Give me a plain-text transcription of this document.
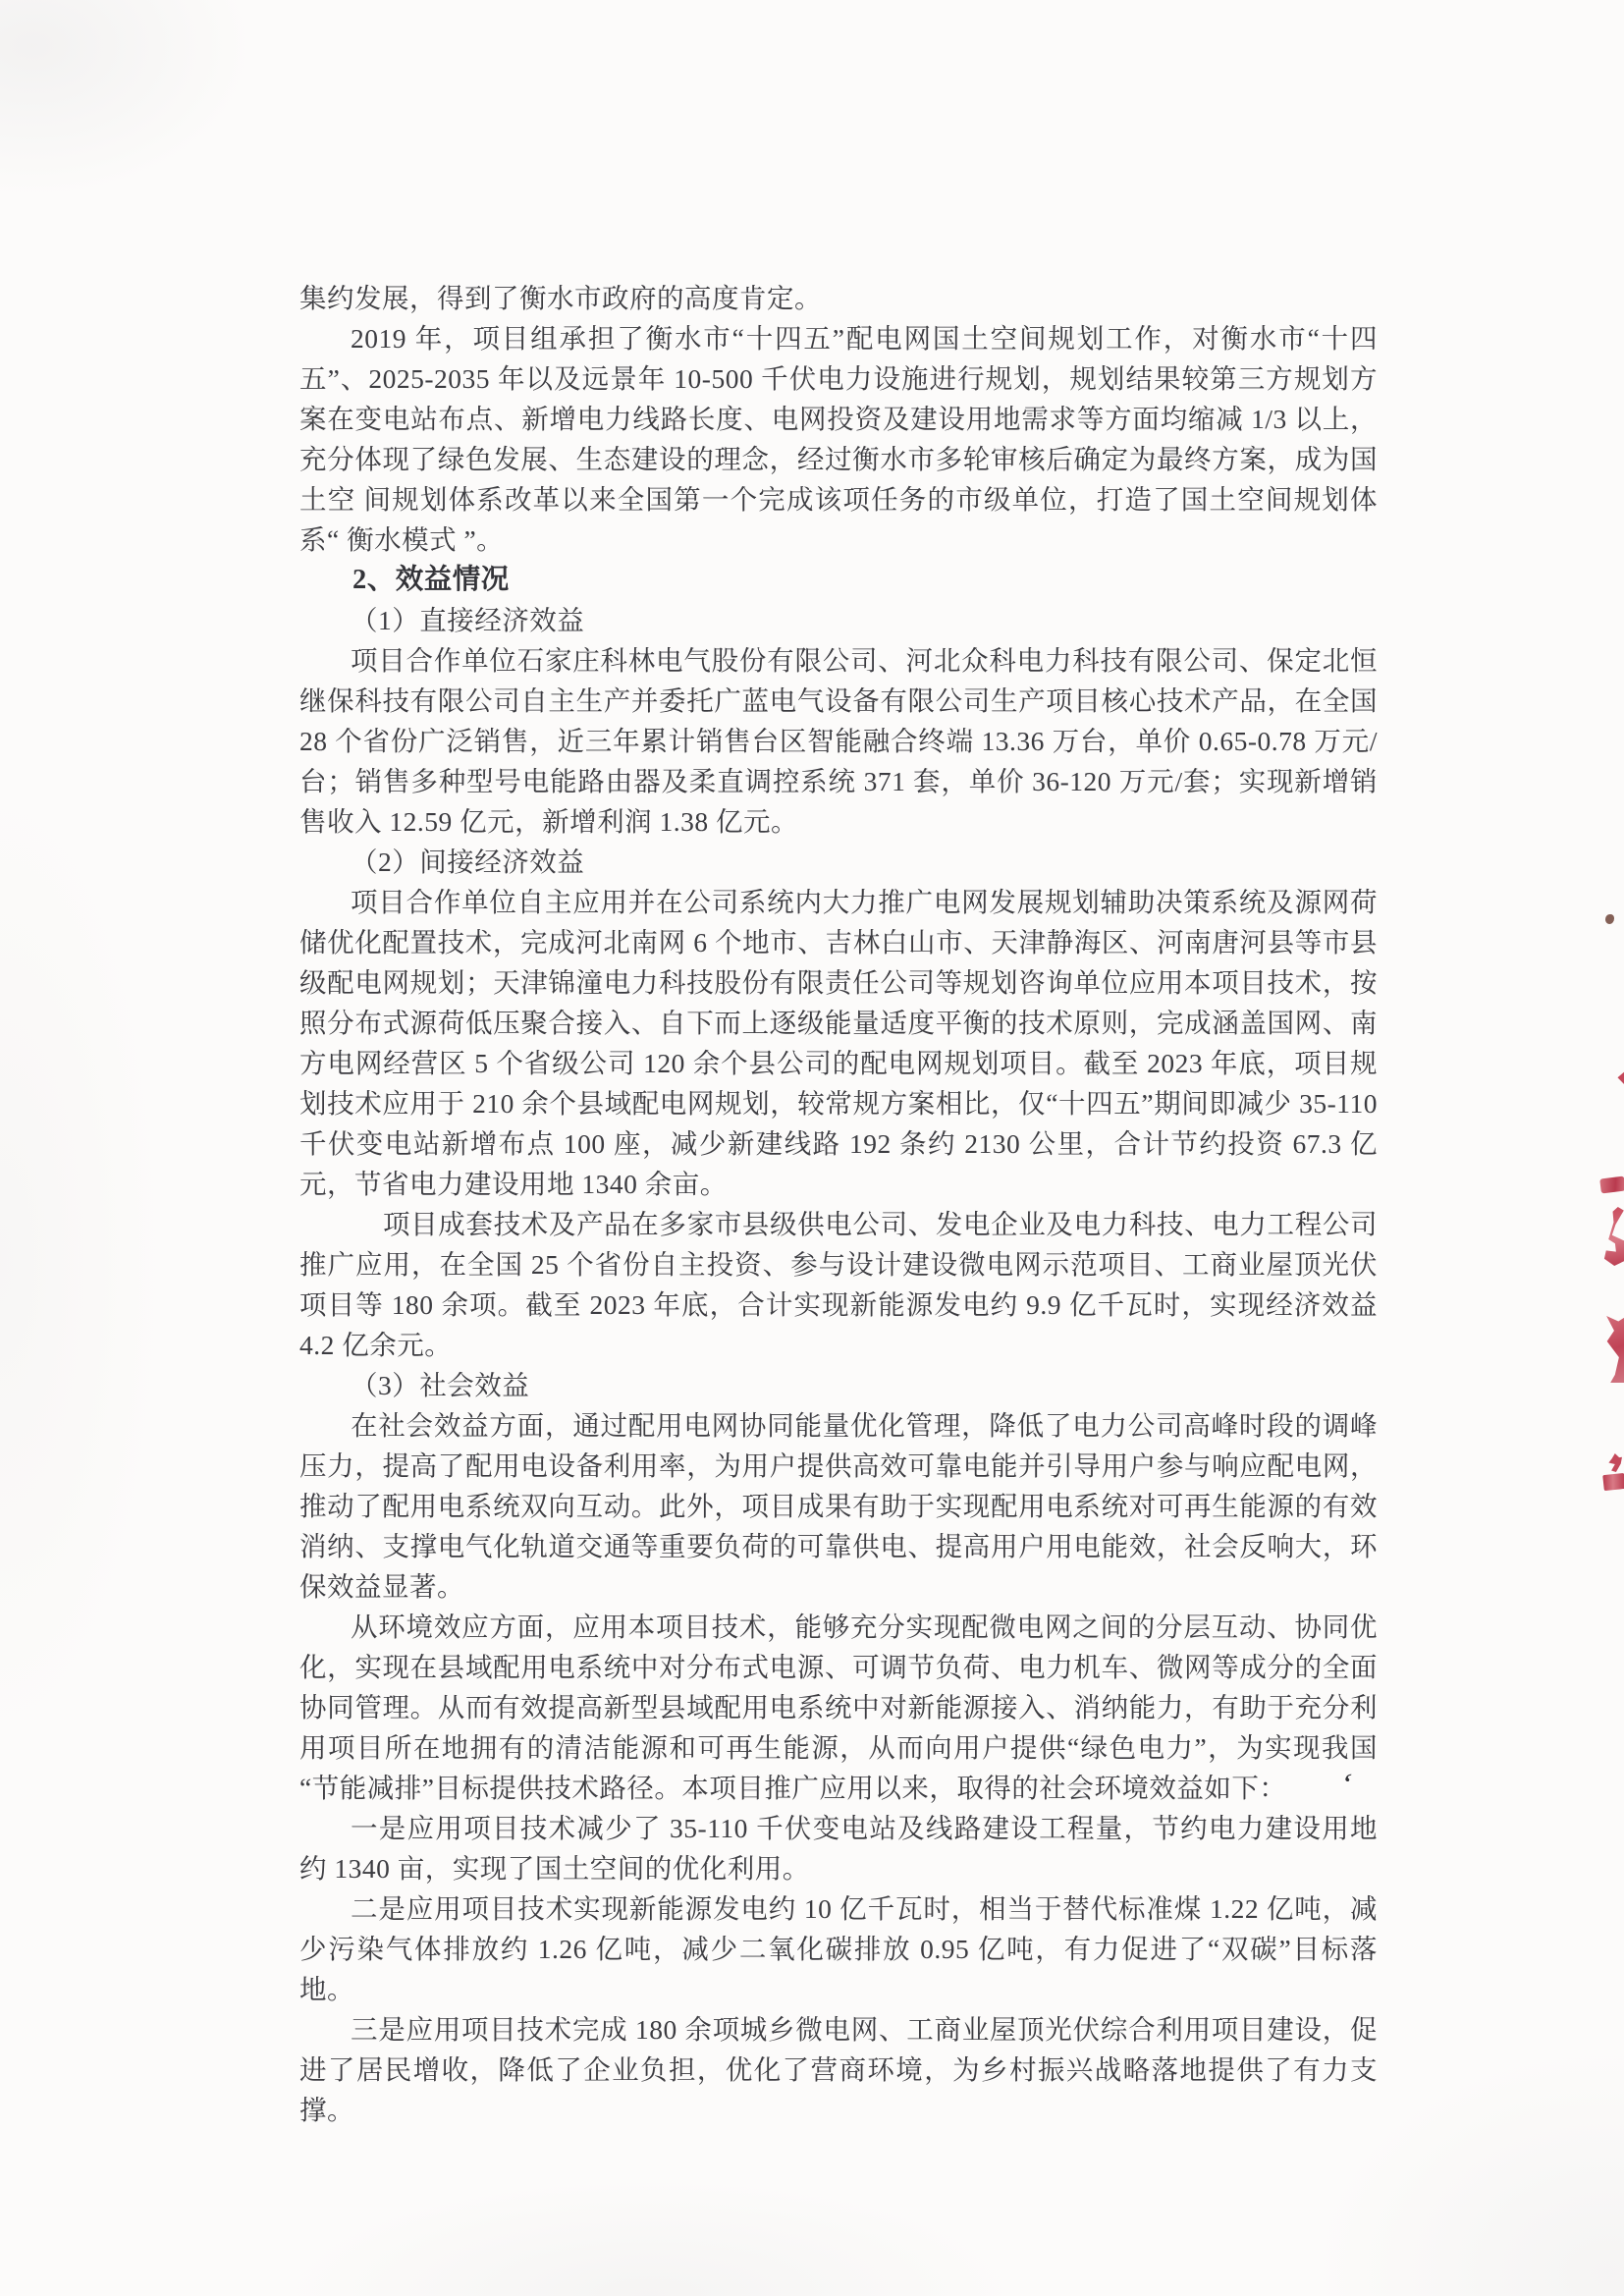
集约发展，得到了衡水市政府的高度肯定。

2019 年，项目组承担了衡水市“十四五”配电网国土空间规划工作，对衡水市“十四五”、2025-2035 年以及远景年 10-500 千伏电力设施进行规划，规划结果较第三方规划方案在变电站布点、新增电力线路长度、电网投资及建设用地需求等方面均缩减 1/3 以上，充分体现了绿色发展、生态建设的理念，经过衡水市多轮审核后确定为最终方案，成为国土空 间规划体系改革以来全国第一个完成该项任务的市级单位，打造了国土空间规划体系“ 衡水模式 ”。

2、效益情况

（1）直接经济效益

项目合作单位石家庄科林电气股份有限公司、河北众科电力科技有限公司、保定北恒继保科技有限公司自主生产并委托广蓝电气设备有限公司生产项目核心技术产品，在全国 28 个省份广泛销售，近三年累计销售台区智能融合终端 13.36 万台，单价 0.65-0.78 万元/台；销售多种型号电能路由器及柔直调控系统 371 套，单价 36-120 万元/套；实现新增销售收入 12.59 亿元，新增利润 1.38 亿元。

（2）间接经济效益

项目合作单位自主应用并在公司系统内大力推广电网发展规划辅助决策系统及源网荷储优化配置技术，完成河北南网 6 个地市、吉林白山市、天津静海区、河南唐河县等市县级配电网规划；天津锦潼电力科技股份有限责任公司等规划咨询单位应用本项目技术，按照分布式源荷低压聚合接入、自下而上逐级能量适度平衡的技术原则，完成涵盖国网、南方电网经营区 5 个省级公司 120 余个县公司的配电网规划项目。截至 2023 年底，项目规划技术应用于 210 余个县域配电网规划，较常规方案相比，仅“十四五”期间即减少 35-110 千伏变电站新增布点 100 座，减少新建线路 192 条约 2130 公里，合计节约投资 67.3 亿元，节省电力建设用地 1340 余亩。

项目成套技术及产品在多家市县级供电公司、发电企业及电力科技、电力工程公司推广应用，在全国 25 个省份自主投资、参与设计建设微电网示范项目、工商业屋顶光伏项目等 180 余项。截至 2023 年底，合计实现新能源发电约 9.9 亿千瓦时，实现经济效益 4.2 亿余元。

（3）社会效益

在社会效益方面，通过配用电网协同能量优化管理，降低了电力公司高峰时段的调峰压力，提高了配用电设备利用率，为用户提供高效可靠电能并引导用户参与响应配电网，推动了配用电系统双向互动。此外，项目成果有助于实现配用电系统对可再生能源的有效消纳、支撑电气化轨道交通等重要负荷的可靠供电、提高用户用电能效，社会反响大，环保效益显著。

从环境效应方面，应用本项目技术，能够充分实现配微电网之间的分层互动、协同优化，实现在县域配用电系统中对分布式电源、可调节负荷、电力机车、微网等成分的全面协同管理。从而有效提高新型县域配用电系统中对新能源接入、消纳能力，有助于充分利用项目所在地拥有的清洁能源和可再生能源，从而向用户提供“绿色电力”，为实现我国“节能减排”目标提供技术路径。本项目推广应用以来，取得的社会环境效益如下：

一是应用项目技术减少了 35-110 千伏变电站及线路建设工程量，节约电力建设用地约 1340 亩，实现了国土空间的优化利用。

二是应用项目技术实现新能源发电约 10 亿千瓦时，相当于替代标准煤 1.22 亿吨，减少污染气体排放约 1.26 亿吨，减少二氧化碳排放 0.95 亿吨，有力促进了“双碳”目标落地。

三是应用项目技术完成 180 余项城乡微电网、工商业屋顶光伏综合利用项目建设，促进了居民增收，降低了企业负担，优化了营商环境，为乡村振兴战略落地提供了有力支撑。

ʻ
